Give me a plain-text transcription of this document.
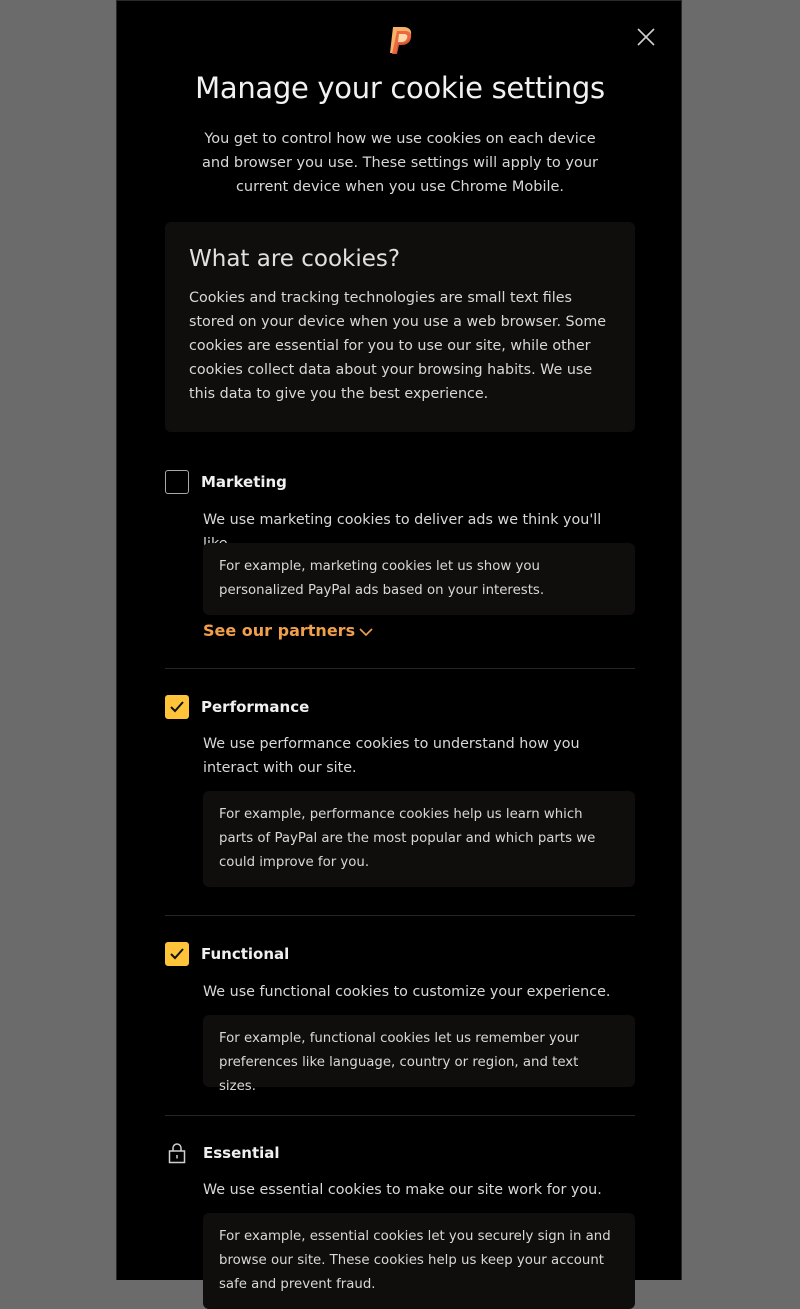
Manage your cookie settings

You get to control how we use cookies on each device and browser you use. These settings will apply to your current device when you use Chrome Mobile.

What are cookies?

Cookies and tracking technologies are small text files stored on your device when you use a web browser. Some cookies are essential for you to use our site, while other cookies collect data about your browsing habits. We use this data to give you the best experience.

Marketing

We use marketing cookies to deliver ads we think you'll

For example, marketing cookies let us show you personalized PayPal ads based on your interests.
See our partners
Performance

We use performance cookies to understand how you interact with our site.

For example, performance cookies help us learn which parts of PayPal are the most popular and which parts we could improve for you.
Functional

We use functional cookies to customize your experience.

For example, functional cookies let us remember your preferences like language, country or region, and text sizes.
Essential

We use essential cookies to make our site work for you.

For example, essential cookies let you securely sign in and browse our site. These cookies help us keep your account safe and prevent fraud.
